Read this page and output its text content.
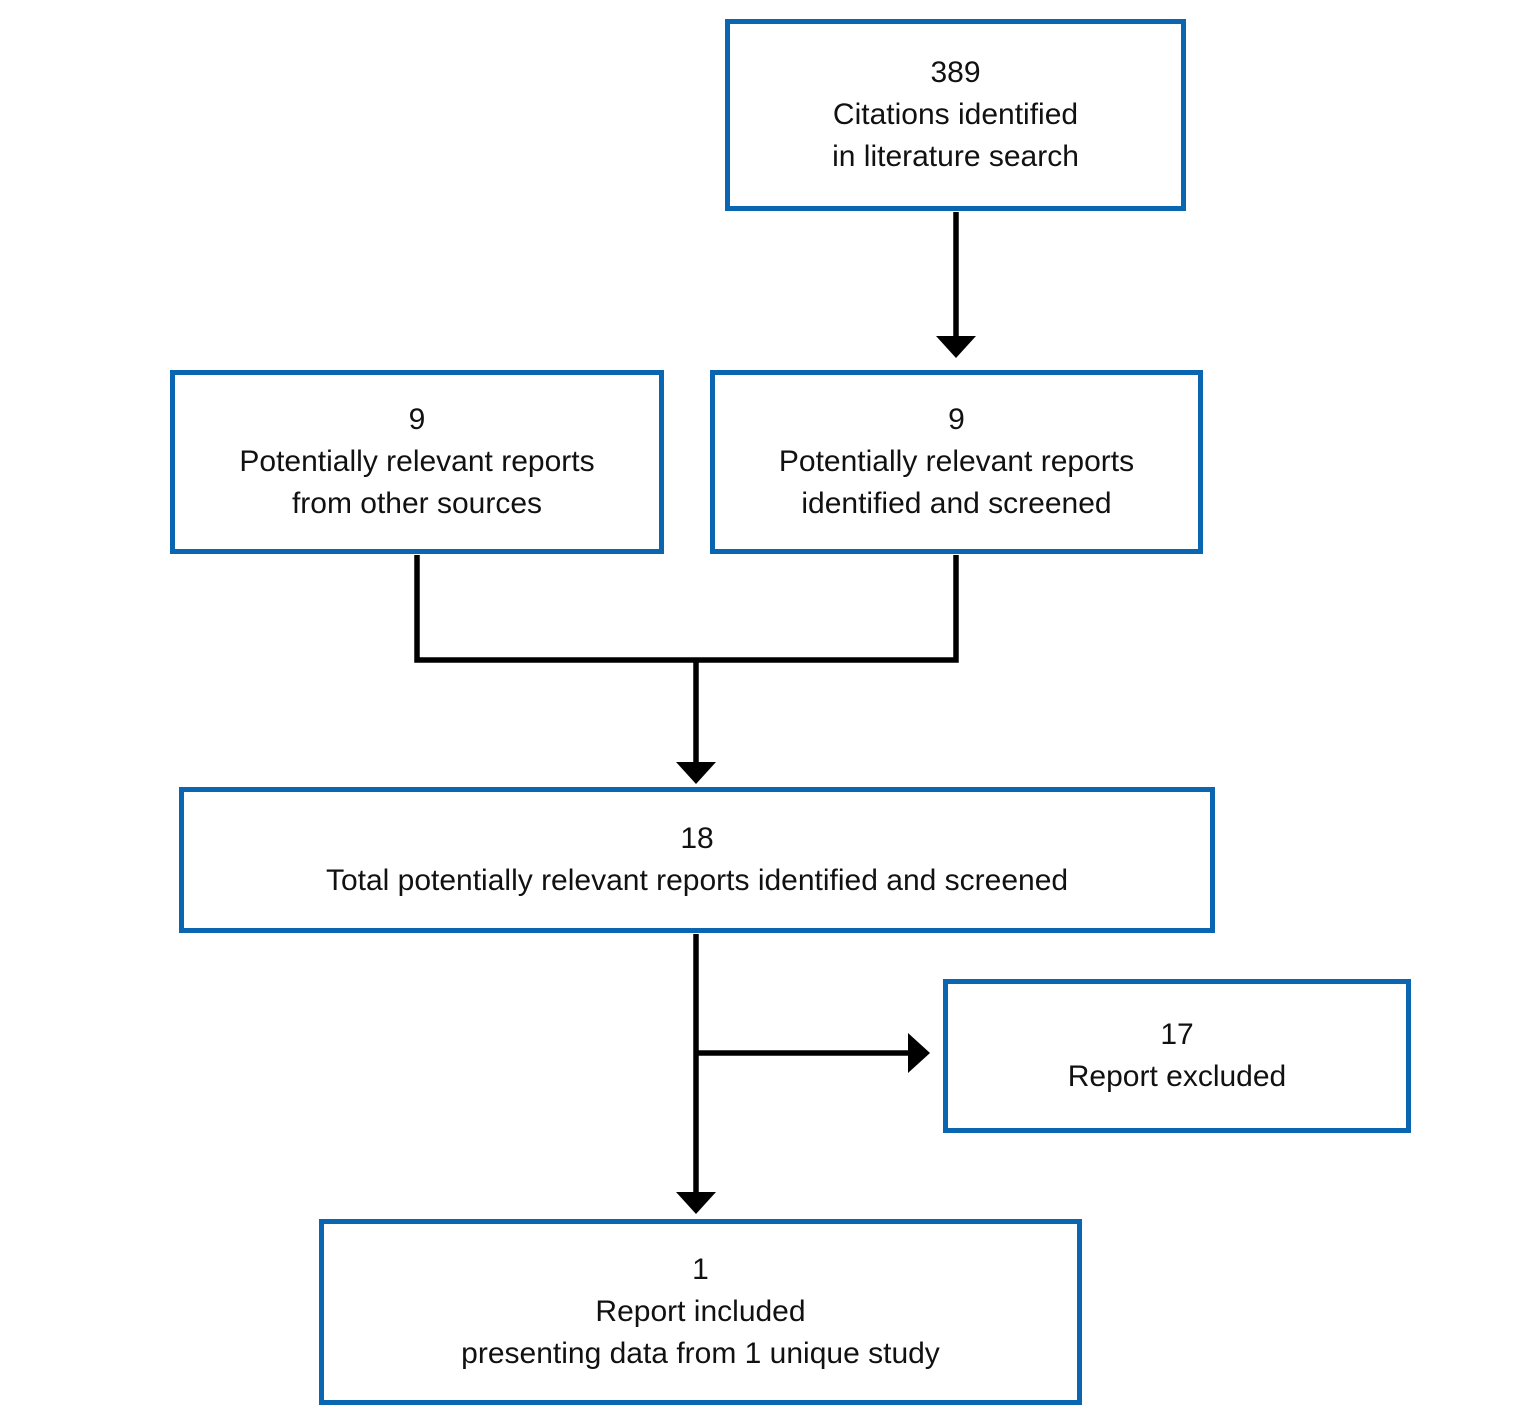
389
Citations identified
in literature search
9
Potentially relevant reports
from other sources
9
Potentially relevant reports
identified and screened
18
Total potentially relevant reports identified and screened
17
Report excluded
1
Report included
presenting data from 1 unique study
